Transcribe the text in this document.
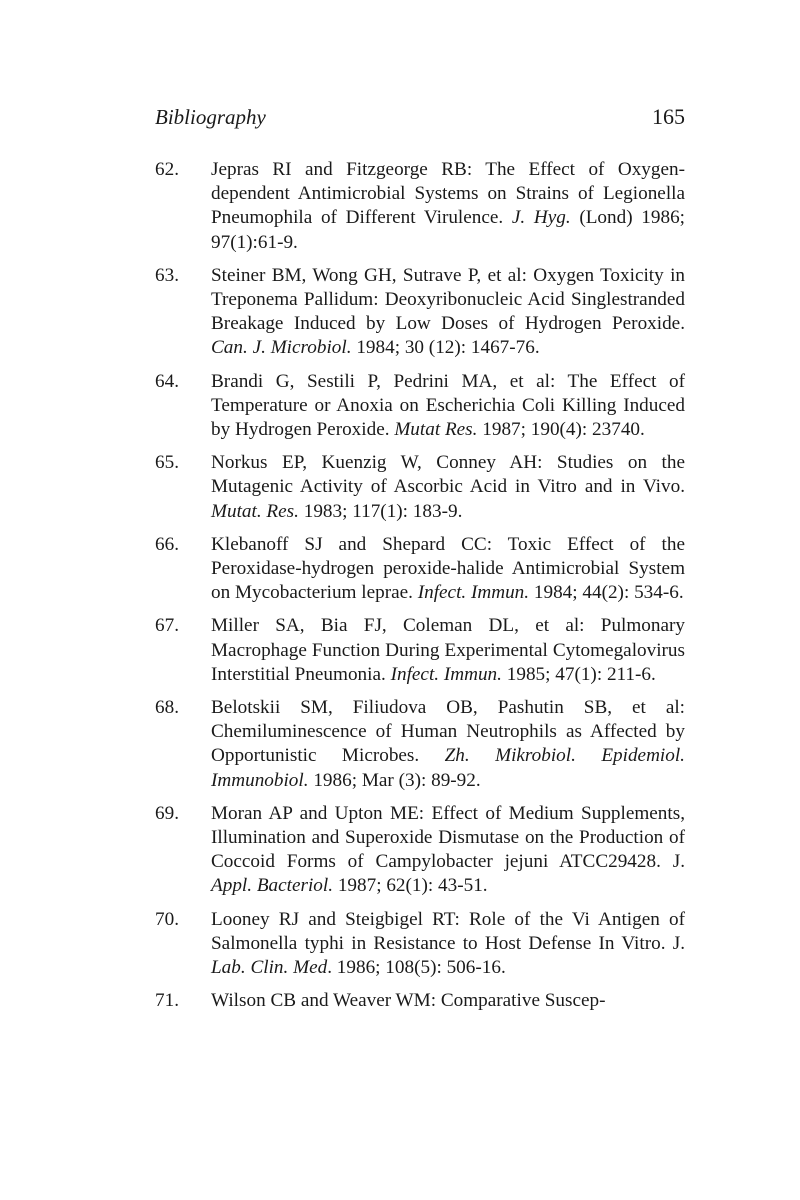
Bibliography	165
62.	Jepras RI and Fitzgeorge RB: The Effect of Oxygen-dependent Antimicrobial Systems on Strains of Legionella Pneumophila of Different Virulence. J. Hyg. (Lond) 1986; 97(1):61-9.
63.	Steiner BM, Wong GH, Sutrave P, et al: Oxygen Toxicity in Treponema Pallidum: Deoxyribonucleic Acid Singlestranded Breakage Induced by Low Doses of Hydrogen Peroxide. Can. J. Microbiol. 1984; 30 (12): 1467-76.
64.	Brandi G, Sestili P, Pedrini MA, et al: The Effect of Temperature or Anoxia on Escherichia Coli Killing Induced by Hydrogen Peroxide. Mutat Res. 1987; 190(4): 23740.
65.	Norkus EP, Kuenzig W, Conney AH: Studies on the Mutagenic Activity of Ascorbic Acid in Vitro and in Vivo. Mutat. Res. 1983; 117(1): 183-9.
66.	Klebanoff SJ and Shepard CC: Toxic Effect of the Peroxidase-hydrogen peroxide-halide Antimicrobial System on Mycobacterium leprae. Infect. Immun. 1984; 44(2): 534-6.
67.	Miller SA, Bia FJ, Coleman DL, et al: Pulmonary Macrophage Function During Experimental Cytomegalovirus Interstitial Pneumonia. Infect. Immun. 1985; 47(1): 211-6.
68.	Belotskii SM, Filiudova OB, Pashutin SB, et al: Chemiluminescence of Human Neutrophils as Affected by Opportunistic Microbes. Zh. Mikrobiol. Epidemiol. Immunobiol. 1986; Mar (3): 89-92.
69.	Moran AP and Upton ME: Effect of Medium Supplements, Illumination and Superoxide Dismutase on the Production of Coccoid Forms of Campylobacter jejuni ATCC29428. J. Appl. Bacteriol. 1987; 62(1): 43-51.
70.	Looney RJ and Steigbigel RT: Role of the Vi Antigen of Salmonella typhi in Resistance to Host Defense In Vitro. J. Lab. Clin. Med. 1986; 108(5): 506-16.
71.	Wilson CB and Weaver WM: Comparative Suscep-
